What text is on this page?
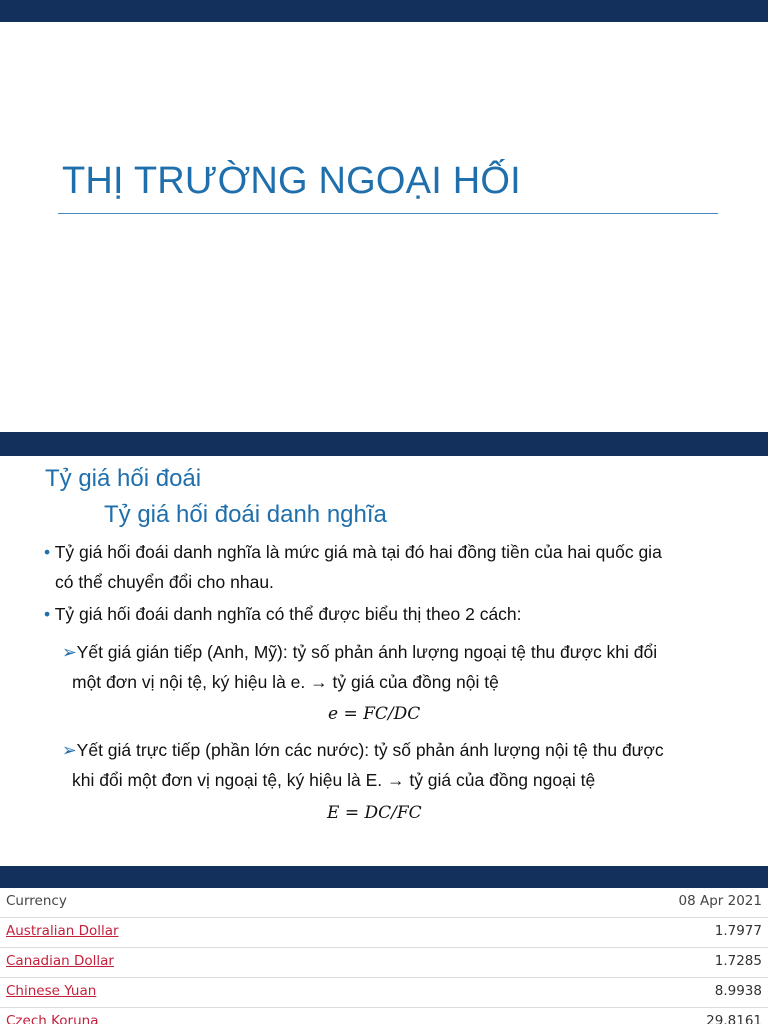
THỊ TRƯỜNG NGOẠI HỐI
Tỷ giá hối đoái
Tỷ giá hối đoái danh nghĩa
• Tỷ giá hối đoái danh nghĩa là mức giá mà tại đó hai đồng tiền của hai quốc gia
có thể chuyển đổi cho nhau.
• Tỷ giá hối đoái danh nghĩa có thể được biểu thị theo 2 cách:
➢Yết giá gián tiếp (Anh, Mỹ): tỷ số phản ánh lượng ngoại tệ thu được khi đổi
một đơn vị nội tệ, ký hiệu là e. → tỷ giá của đồng nội tệ
e = FC/DC
➢Yết giá trực tiếp (phần lớn các nước): tỷ số phản ánh lượng nội tệ thu được
khi đổi một đơn vị ngoại tệ, ký hiệu là E. → tỷ giá của đồng ngoại tệ
E = DC/FC
Currency	08 Apr 2021
Australian Dollar	1.7977
Canadian Dollar	1.7285
Chinese Yuan	8.9938
Czech Koruna	29.8161
